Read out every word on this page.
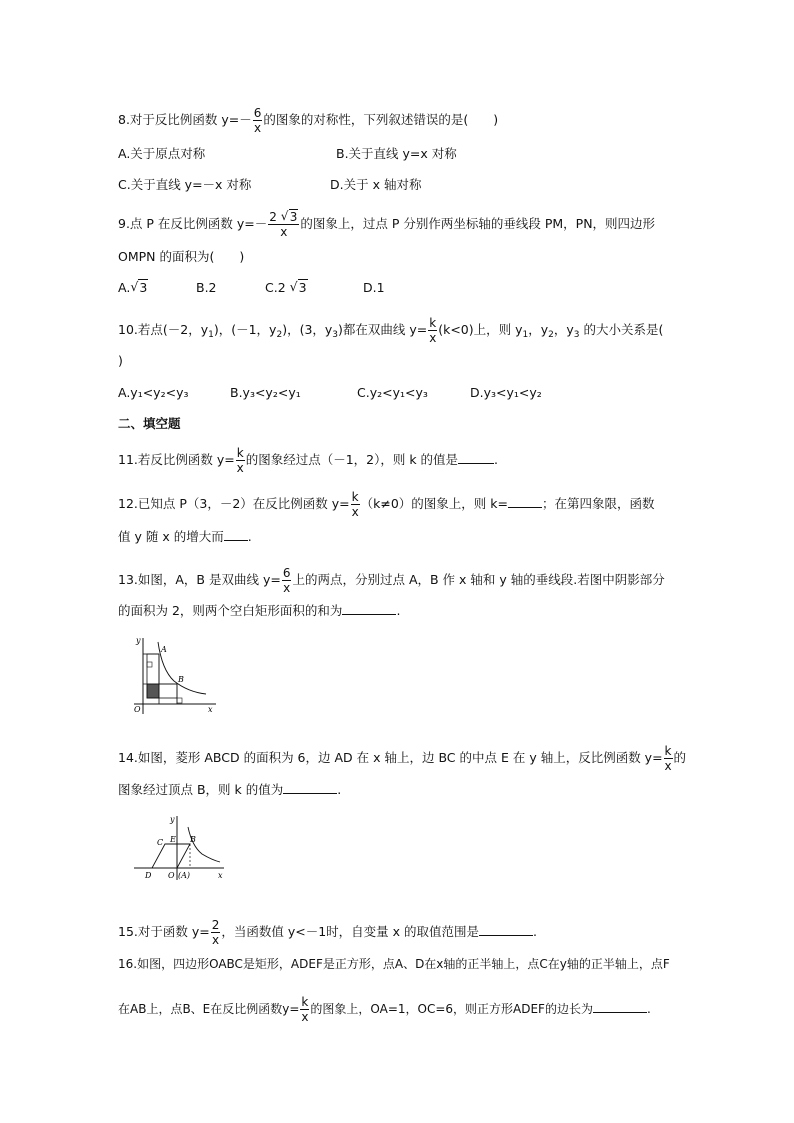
8.对于反比例函数 $y=- \frac{6}{x}$ 的图象的对称性，下列叙述错误的是(　　)
A.关于原点对称	B.关于直线 y=x 对称
C.关于直线 y=－x 对称	D.关于 x 轴对称
9.点 P 在反比例函数 $y=- \frac{2 √ 3}{x}$ 的图象上，过点 P 分别作两坐标轴的垂线段 PM，PN，则四边形
OMPN 的面积为(　　)
A. √ 3	B.2	C.2 √ 3	D.1
10.若点(－2，$y_1$)，(－1，$y_2$)，(3，$y_3$)都在双曲线 $y= \frac{k}{x} (k<0)$上，则 $y_1$，$y_2$，$y_3$ 的大小关系是(
)
A.y₁<y₂<y₃	B.y₃<y₂<y₁	C.y₂<y₁<y₃	D.y₃<y₁<y₂
二、填空题
11.若反比例函数 $y= \frac{k}{x}$ 的图象经过点（－1，2），则 k 的值是	.
12.已知点 P（3，－2）在反比例函数 $y= \frac{k}{x} (k\ne 0)$的图象上，则 k=	；在第四象限，函数
值 y 随 x 的增大而 .
13.如图，A，B 是双曲线 $y= \frac{6}{x}$ 上的两点，分别过点 A，B 作 x 轴和 y 轴的垂线段.若图中阴影部分
的面积为 2，则两个空白矩形面积的和为	.
y
A
B
O	x
14.如图，菱形 ABCD 的面积为 6，边 AD 在 x 轴上，边 BC 的中点 E 在 y 轴上，反比例函数 $y= \frac{k}{x}$ 的
图象经过顶点 B，则 k 的值为	.
y
C E B
D O (A)	x
15.对于函数 $y= \frac{2}{x}$ ，当函数值 y<－1时，自变量 x 的取值范围是	.
16.如图，四边形OABC是矩形，ADEF是正方形，点A、D在x轴的正半轴上，点C在y轴的正半轴上，点F
在AB上，点B、E在反比例函数$y= \frac{k}{x}$ 的图象上，OA=1，OC=6，则正方形ADEF的边长为	.
